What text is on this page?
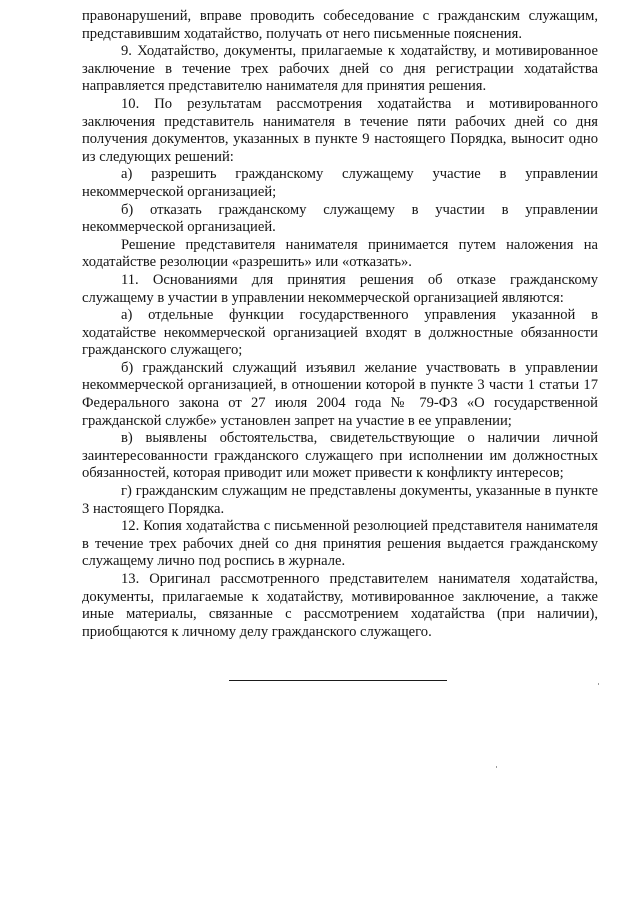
правонарушений, вправе проводить собеседование с гражданским служащим, представившим ходатайство, получать от него письменные пояснения.

9. Ходатайство, документы, прилагаемые к ходатайству, и мотивированное заключение в течение трех рабочих дней со дня регистрации ходатайства направляется представителю нанимателя для принятия решения.

10. По результатам рассмотрения ходатайства и мотивированного заключения представитель нанимателя в течение пяти рабочих дней со дня получения документов, указанных в пункте 9 настоящего Порядка, выносит одно из следующих решений:

а) разрешить гражданскому служащему участие в управлении некоммерческой организацией;

б) отказать гражданскому служащему в участии в управлении некоммерческой организацией.

Решение представителя нанимателя принимается путем наложения на ходатайстве резолюции «разрешить» или «отказать».

11. Основаниями для принятия решения об отказе гражданскому служащему в участии в управлении некоммерческой организацией являются:

а) отдельные функции государственного управления указанной в ходатайстве некоммерческой организацией входят в должностные обязанности гражданского служащего;

б) гражданский служащий изъявил желание участвовать в управлении некоммерческой организацией, в отношении которой в пункте 3 части 1 статьи 17 Федерального закона от 27 июля 2004 года № 79-ФЗ «О государственной гражданской службе» установлен запрет на участие в ее управлении;

в) выявлены обстоятельства, свидетельствующие о наличии личной заинтересованности гражданского служащего при исполнении им должностных обязанностей, которая приводит или может привести к конфликту интересов;

г) гражданским служащим не представлены документы, указанные в пункте 3 настоящего Порядка.

12. Копия ходатайства с письменной резолюцией представителя нанимателя в течение трех рабочих дней со дня принятия решения выдается гражданскому служащему лично под роспись в журнале.

13. Оригинал рассмотренного представителем нанимателя ходатайства, документы, прилагаемые к ходатайству, мотивированное заключение, а также иные материалы, связанные с рассмотрением ходатайства (при наличии), приобщаются к личному делу гражданского служащего.
